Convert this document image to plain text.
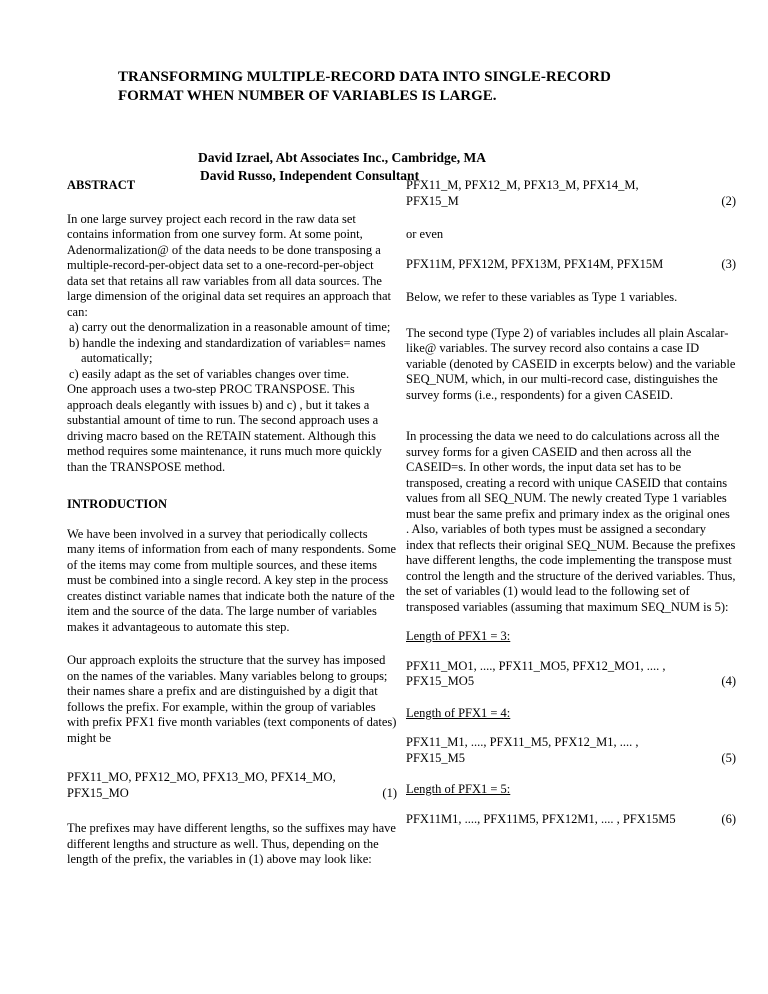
TRANSFORMING MULTIPLE-RECORD DATA INTO SINGLE-RECORD

FORMAT WHEN NUMBER OF VARIABLES IS LARGE.
David Izrael, Abt Associates Inc., Cambridge, MA
David Russo, Independent Consultant
ABSTRACT

In one large survey project each record in the raw data set contains information from one survey form. At some point, Adenormalization@ of the data needs to be done transposing a multiple-record-per-object data set to a one-record-per-object data set that retains all raw variables from all data sources. The large dimension of the original data set requires an approach that can:

a) carry out the denormalization in a reasonable amount of time;
b) handle the indexing and standardization of variables= names automatically;
c) easily adapt as the set of variables changes over time.

One approach uses a two-step PROC TRANSPOSE. This approach deals elegantly with issues b) and c) , but it takes a substantial amount of time to run. The second approach uses a driving macro based on the RETAIN statement. Although this method requires some maintenance, it runs much more quickly than the TRANSPOSE method.

INTRODUCTION

We have been involved in a survey that periodically collects many items of information from each of many respondents. Some of the items may come from multiple sources, and these items must be combined into a single record. A key step in the process creates distinct variable names that indicate both the nature of the item and the source of the data. The large number of variables makes it advantageous to automate this step.

Our approach exploits the structure that the survey has imposed on the names of the variables. Many variables belong to groups; their names share a prefix and are distinguished by a digit that follows the prefix. For example, within the group of variables with prefix PFX1 five month variables (text components of dates) might be

PFX11_MO, PFX12_MO, PFX13_MO, PFX14_MO, PFX15_MO	(1)

The prefixes may have different lengths, so the suffixes may have different lengths and structure as well. Thus, depending on the length of the prefix, the variables in (1) above may look like:

PFX11_M, PFX12_M, PFX13_M, PFX14_M, PFX15_M	(2)

or even

PFX11M, PFX12M, PFX13M, PFX14M, PFX15M	(3)

Below, we refer to these variables as Type 1 variables.

The second type (Type 2) of variables includes all plain Ascalar-like@ variables. The survey record also contains a case ID variable (denoted by CASEID in excerpts below) and the variable SEQ_NUM, which, in our multi-record case, distinguishes the survey forms (i.e., respondents) for a given CASEID.

In processing the data we need to do calculations across all the survey forms for a given CASEID and then across all the CASEID=s. In other words, the input data set has to be transposed, creating a record with unique CASEID that contains values from all SEQ_NUM. The newly created Type 1 variables must bear the same prefix and primary index as the original ones . Also, variables of both types must be assigned a secondary index that reflects their original SEQ_NUM. Because the prefixes have different lengths, the code implementing the transpose must control the length and the structure of the derived variables. Thus, the set of variables (1) would lead to the following set of transposed variables (assuming that maximum SEQ_NUM is 5):

Length of PFX1 = 3:

PFX11_MO1, ...., PFX11_MO5, PFX12_MO1, .... , PFX15_MO5	(4)

Length of PFX1 = 4:

PFX11_M1, ...., PFX11_M5, PFX12_M1, .... , PFX15_M5	(5)

Length of PFX1 = 5:

PFX11M1, ...., PFX11M5, PFX12M1, .... , PFX15M5	(6)
